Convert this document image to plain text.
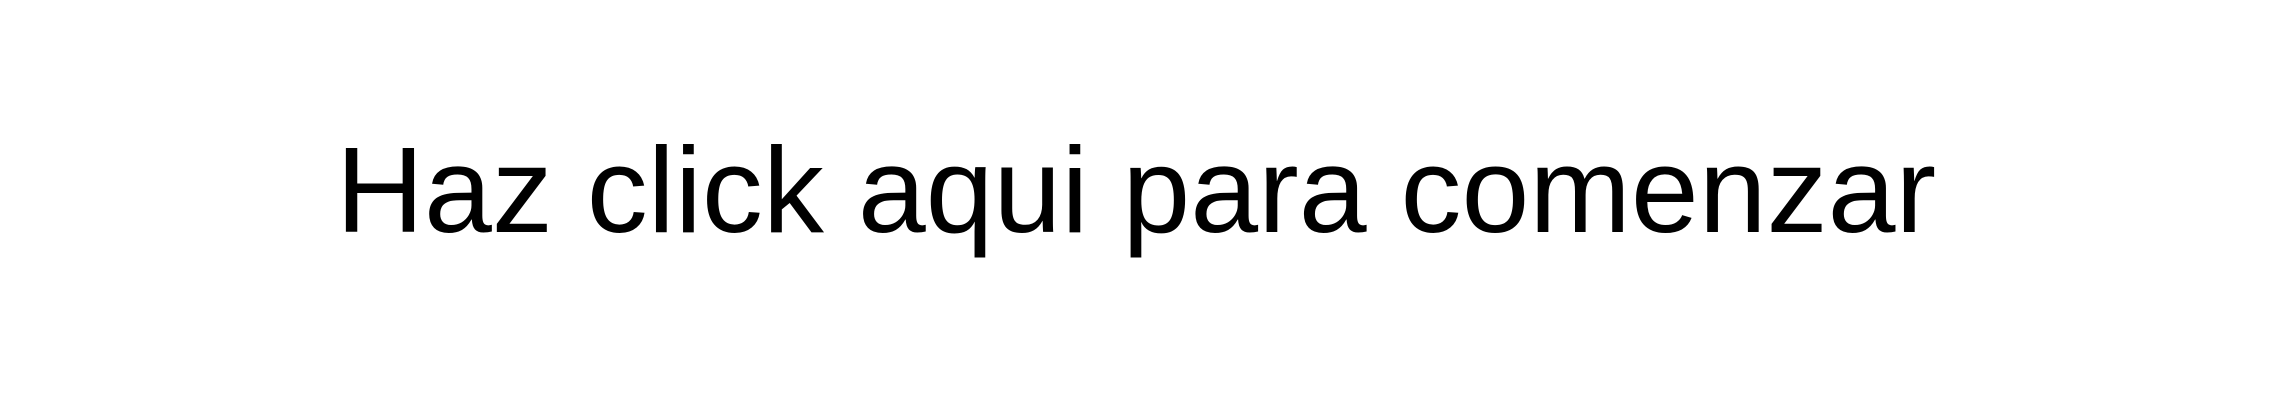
Haz click aqui para comenzar
